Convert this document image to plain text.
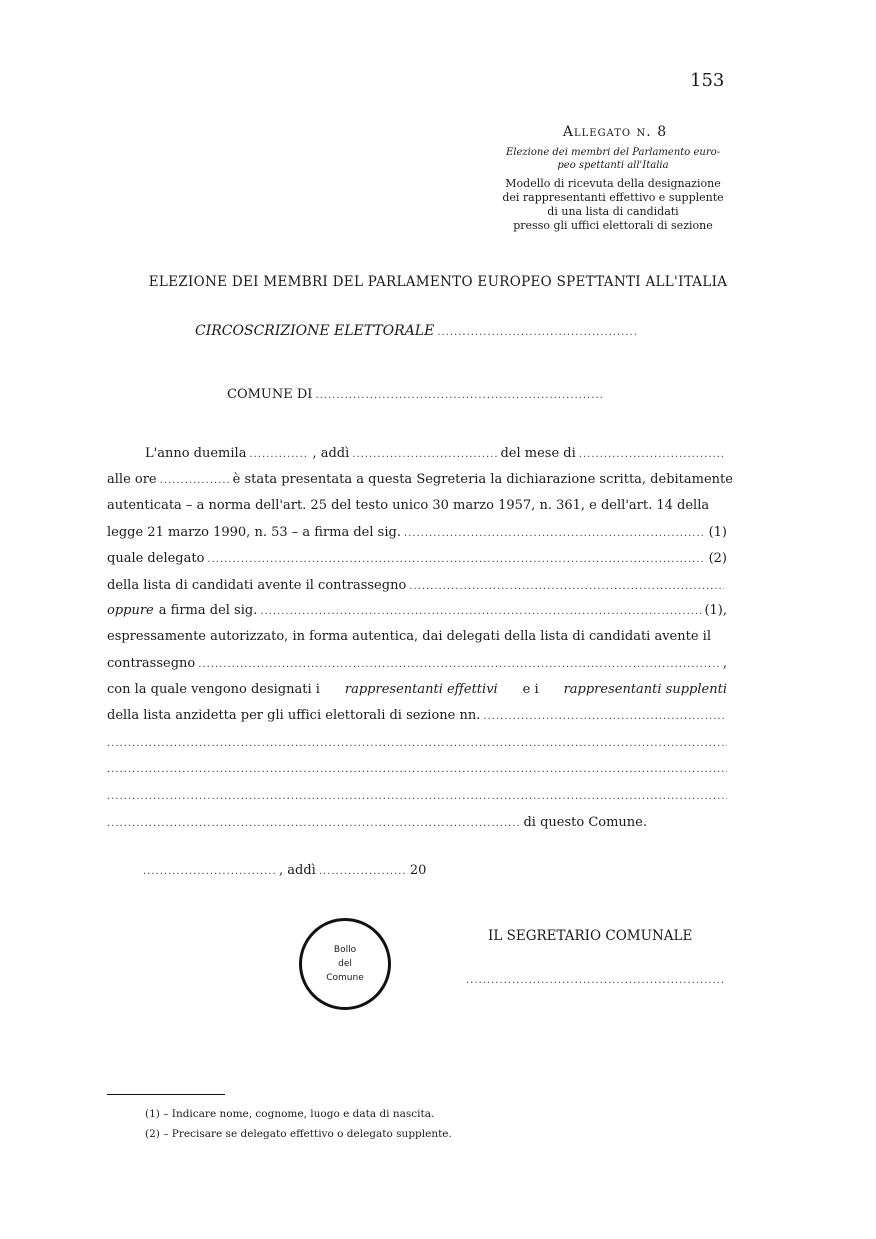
153
Allegato n. 8
Elezione dei membri del Parlamento euro-
peo spettanti all'Italia
Modello di ricevuta della designazione
dei rappresentanti effettivo e supplente
di una lista di candidati
presso gli uffici elettorali di sezione
ELEZIONE DEI MEMBRI DEL PARLAMENTO EUROPEO SPETTANTI ALL'ITALIA
CIRCOSCRIZIONE ELETTORALE
.....
COMUNE DI
.....
L'anno duemila .....	, addì .....	del mese di
.....
alle ore .....	è stata presentata a questa Segreteria la dichiarazione scritta, debitamente
autenticata – a norma dell'art. 25 del testo unico 30 marzo 1957, n. 361, e dell'art. 14 della
legge 21 marzo 1990, n. 53 – a firma del sig. .....	(1)
quale delegato .....	(2)
della lista di candidati avente il contrassegno
.....
oppure a firma del sig. .....	(1),
espressamente autorizzato, in forma autentica, dai delegati della lista di candidati avente il
contrassegno .....	,
con la quale vengono designati i rappresentanti effettivi e i rappresentanti supplenti
della lista anzidetta per gli uffici elettorali di sezione nn.
.....
.....
.....
.....
.....
di questo Comune.
.....
, addì .....	20
Bollo
del
Comune
IL SEGRETARIO COMUNALE
.....
(1) – Indicare nome, cognome, luogo e data di nascita.
(2) – Precisare se delegato effettivo o delegato supplente.
